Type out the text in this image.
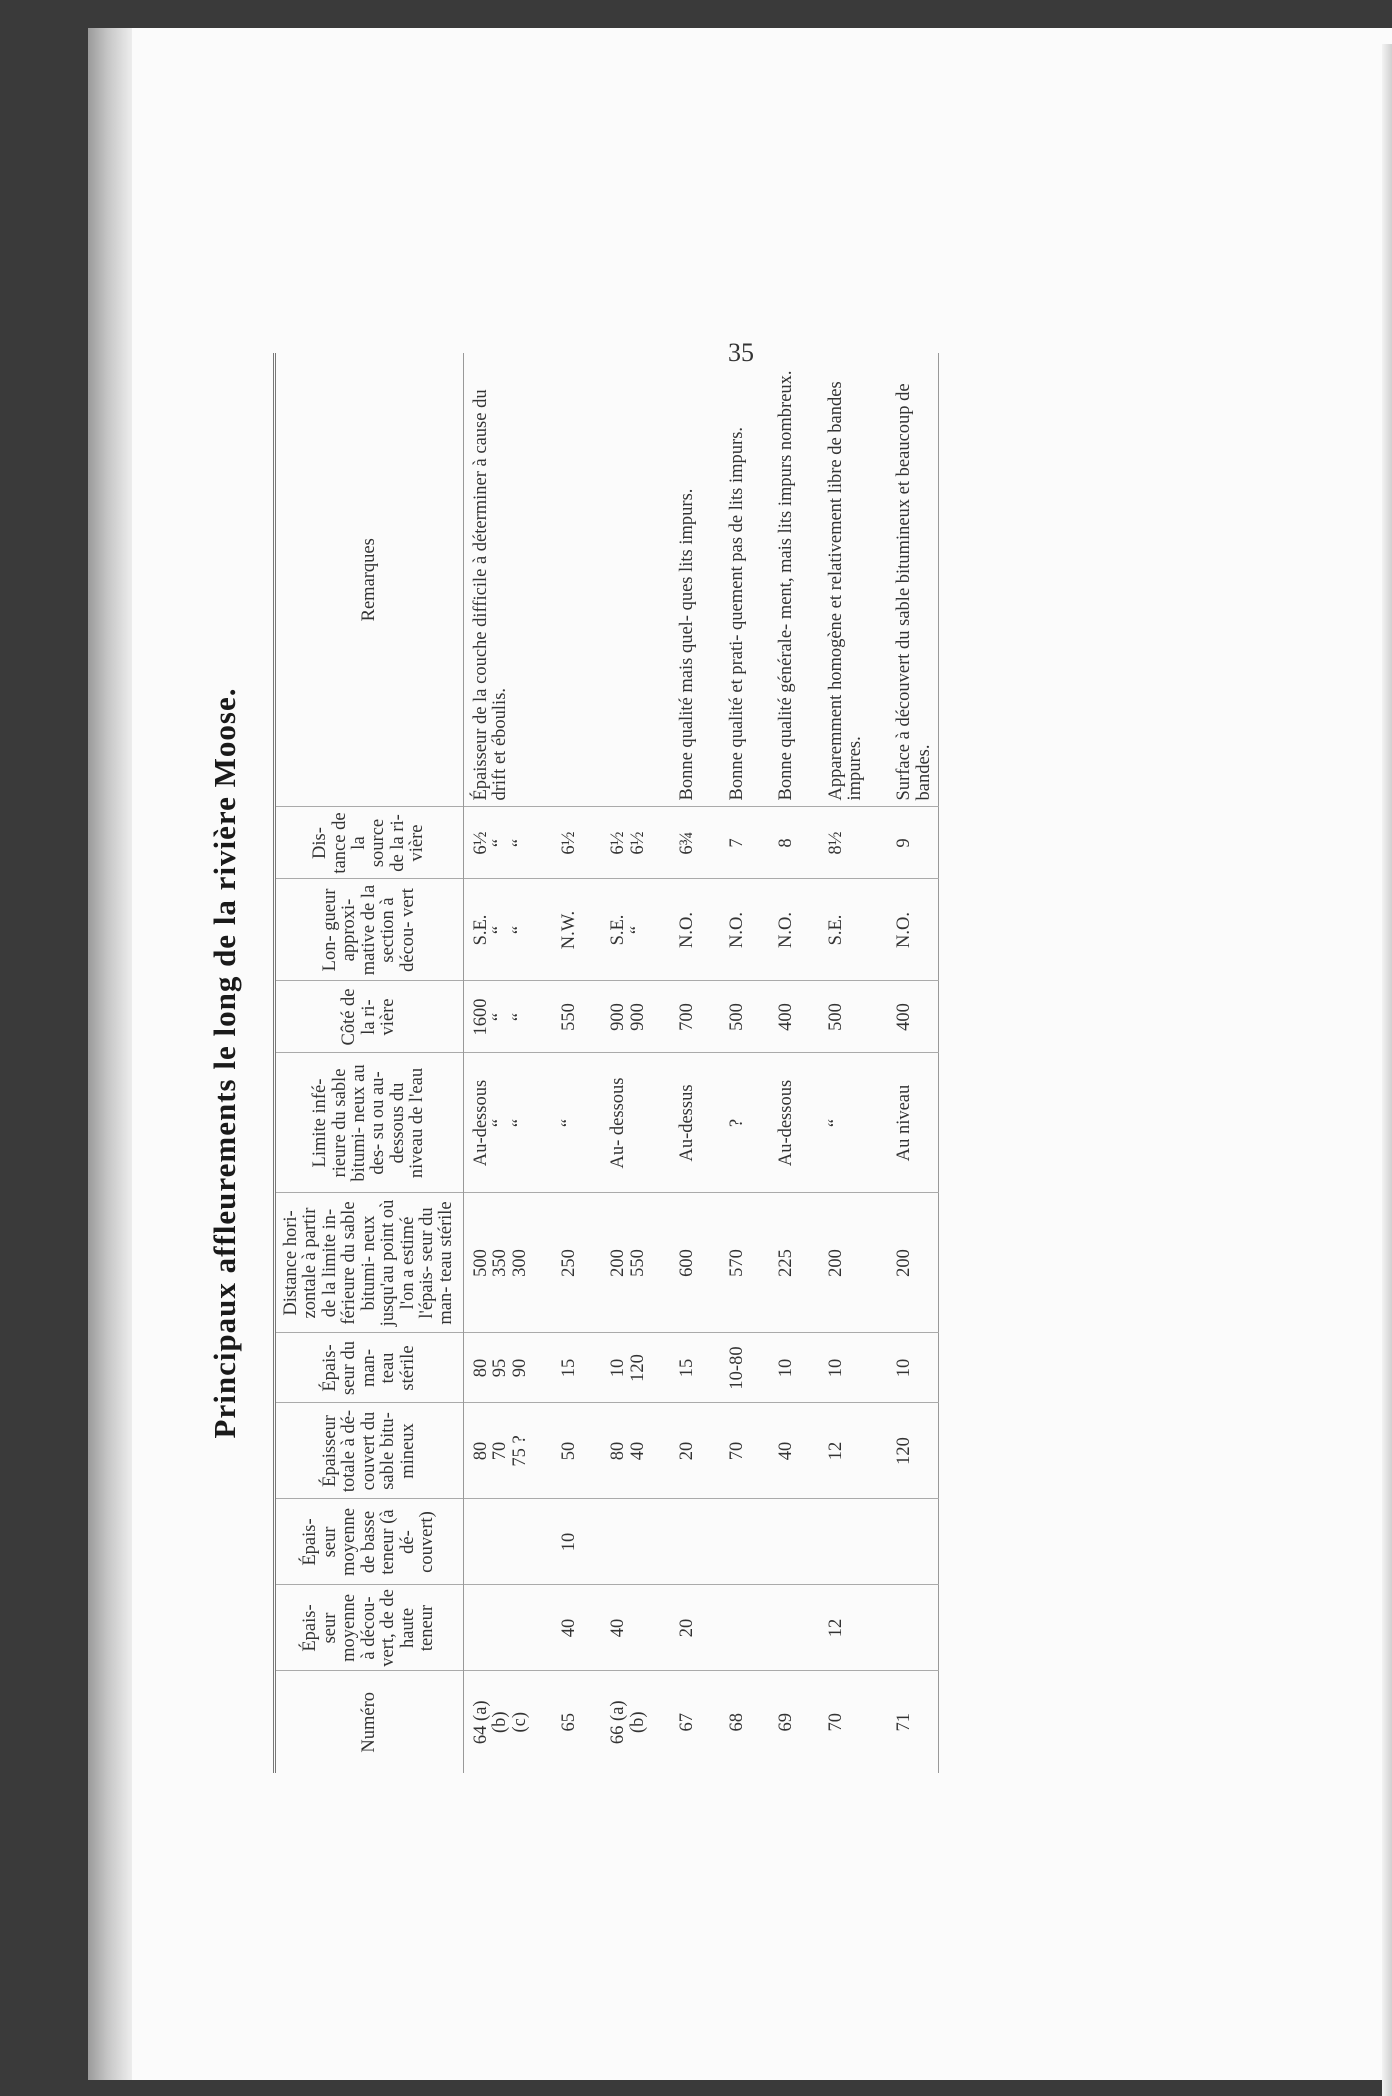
35
Principaux affleurements le long de la rivière Moose.
Numéro	Épais- seur moyenne à décou- vert, de de haute teneur	Épais- seur moyenne de basse teneur (à dé- couvert)	Épaisseur totale à dé- couvert du sable bitu- mineux	Épais- seur du man- teau stérile	Distance hori- zontale à partir de la limite in- férieure du sable bitumi- neux jusqu'au point où l'on a estimé l'épais- seur du man- teau stérile	Limite infé- rieure du sable bitumi- neux au des- su ou au- dessous du niveau de l'eau	Côté de la ri- vière	Lon- gueur approxi- mative de la section à décou- vert	Dis- tance de la source de la ri- vière	Remarques

64 (a) (b) (c)			80 70 75 ?	80 95 90	500 350 300	Au-dessous “ “	1600 “ “	S.E. “ “	6½ “ “	Épaisseur de la couche difficile à déterminer à cause du drift et éboulis.

65	40	10	50	15	250	“	550	N.W.	6½	

66 (a) (b)	40		80 40	10 120	200 550	Au- dessous	900 900	S.E. “	6½ 6½	

67	20		20	15	600	Au-dessus	700	N.O.	6¾	Bonne qualité mais quel- ques lits impurs.

68			70	10-80	570	?	500	N.O.	7	Bonne qualité et prati- quement pas de lits impurs.

69			40	10	225	Au-dessous	400	N.O.	8	Bonne qualité générale- ment, mais lits impurs nombreux.

70	12		12	10	200	“	500	S.E.	8½	Apparemment homogène et relativement libre de bandes impures.

71			120	10	200	Au niveau	400	N.O.	9	Surface à découvert du sable bitumineux et beaucoup de bandes.
